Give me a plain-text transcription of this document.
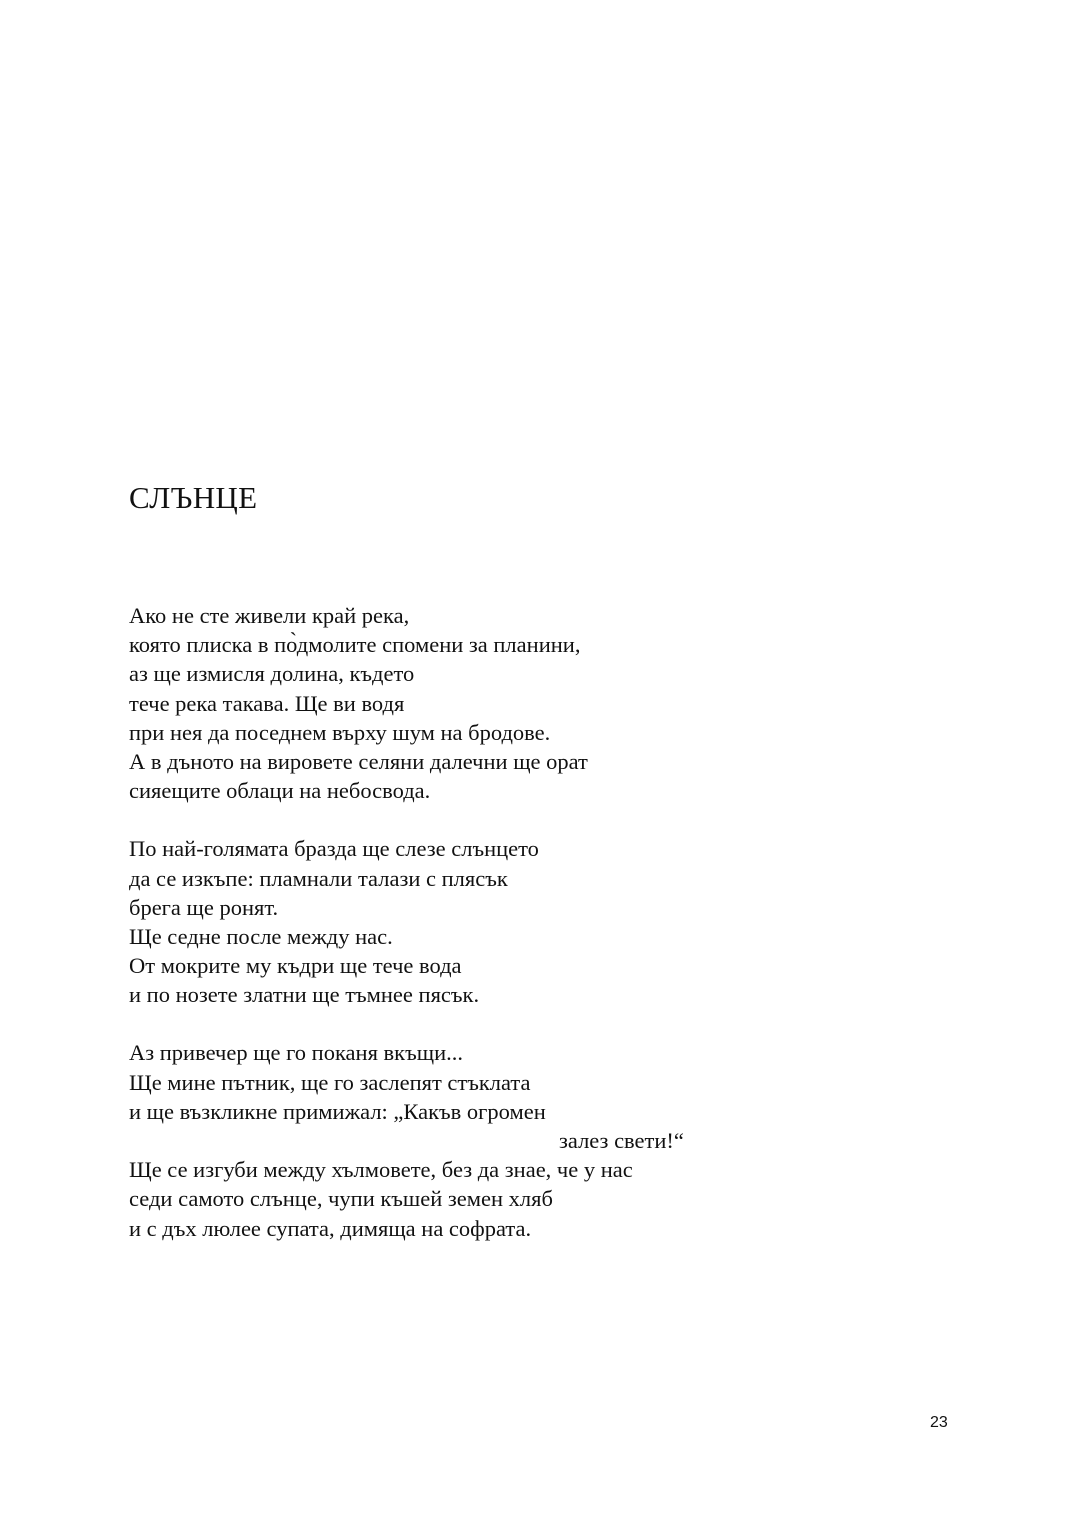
СЛЪНЦЕ
Ако не сте живели край река,
която плиска в по̀дмолите спомени за планини,
аз ще измисля долина, където
тече река такава. Ще ви водя
при нея да поседнем върху шум на бродове.
А в дъното на вировете селяни далечни ще орат
сияещите облаци на небосвода.
По най-голямата бразда ще слезе слънцето
да се изкъпе: пламнали талази с плясък
брега ще ронят.
Ще седне после между нас.
От мокрите му къдри ще тече вода
и по нозете златни ще тъмнее пясък.
Аз привечер ще го поканя вкъщи...
Ще мине пътник, ще го заслепят стъклата
и ще възкликне примижал: „Какъв огромен
залез свети!“
Ще се изгуби между хълмовете, без да знае, че у нас
седи самото слънце, чупи къшей земен хляб
и с дъх люлее супата, димяща на софрата.
23
